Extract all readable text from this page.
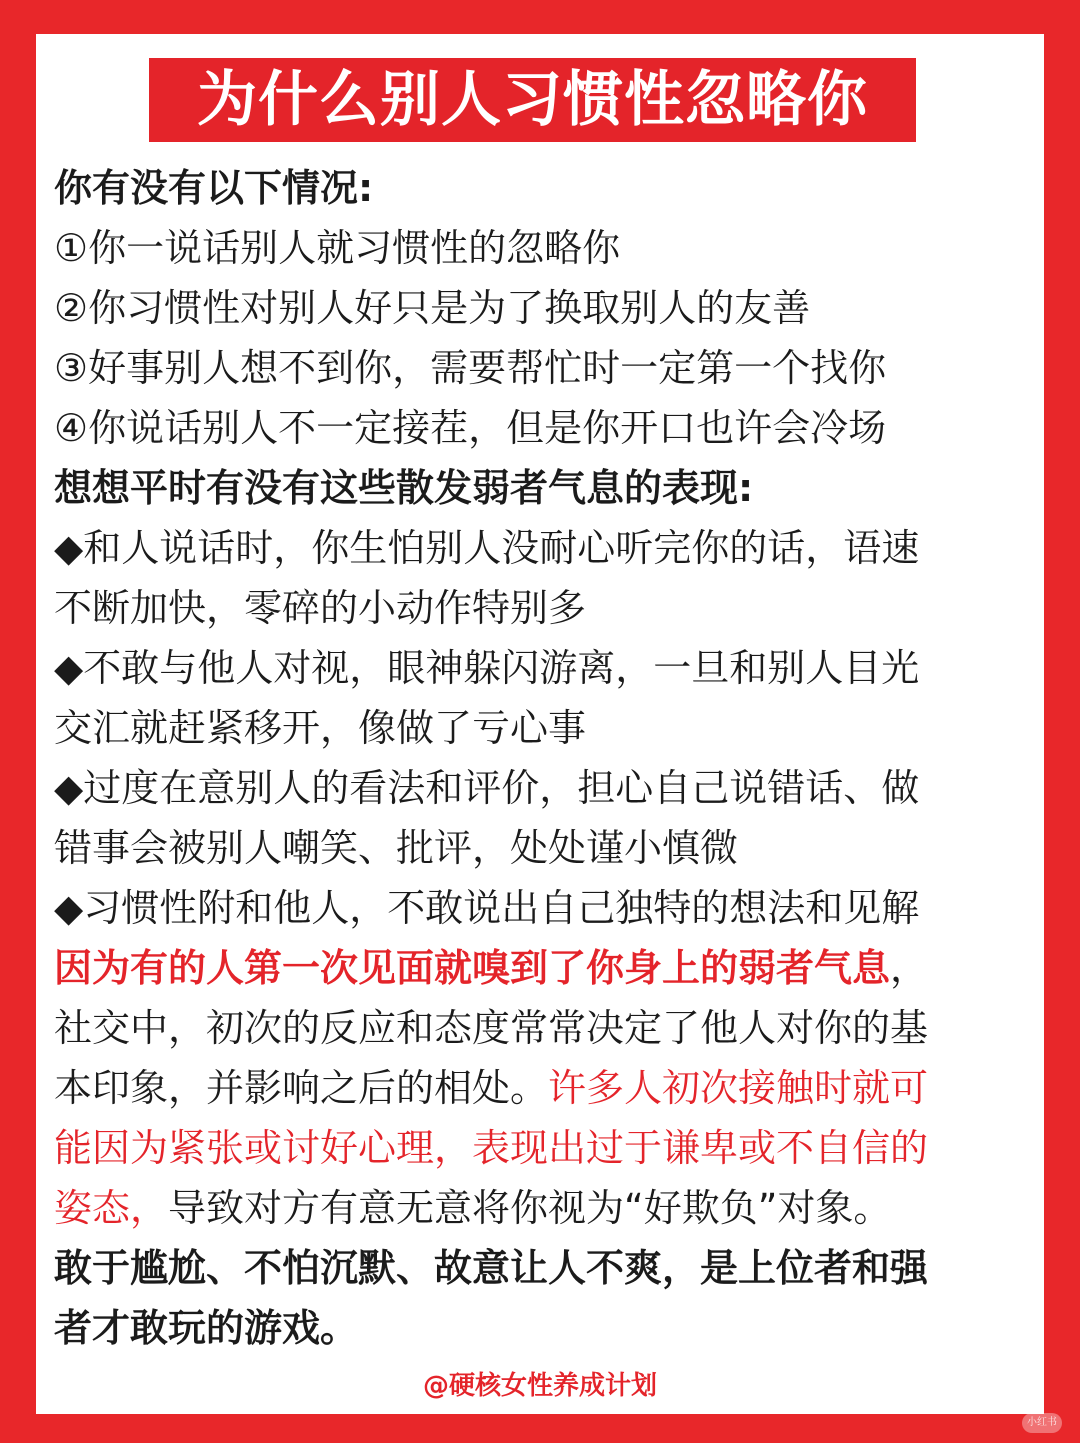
为什么别人习惯性忽略你
你有没有以下情况:
①你一说话别人就习惯性的忽略你
②你习惯性对别人好只是为了换取别人的友善
③好事别人想不到你，需要帮忙时一定第一个找你
④你说话别人不一定接茬，但是你开口也许会冷场
想想平时有没有这些散发弱者气息的表现:
◆和人说话时，你生怕别人没耐心听完你的话，语速
不断加快，零碎的小动作特别多
◆不敢与他人对视，眼神躲闪游离，一旦和别人目光
交汇就赶紧移开，像做了亏心事
◆过度在意别人的看法和评价，担心自己说错话、做
错事会被别人嘲笑、批评，处处谨小慎微
◆习惯性附和他人，不敢说出自己独特的想法和见解
因为有的人第一次见面就嗅到了你身上的弱者气息，
社交中，初次的反应和态度常常决定了他人对你的基
本印象，并影响之后的相处。许多人初次接触时就可
能因为紧张或讨好心理，表现出过于谦卑或不自信的
姿态，导致对方有意无意将你视为“好欺负”对象。
敢于尴尬、不怕沉默、故意让人不爽，是上位者和强
者才敢玩的游戏。
@硬核女性养成计划
小红书
